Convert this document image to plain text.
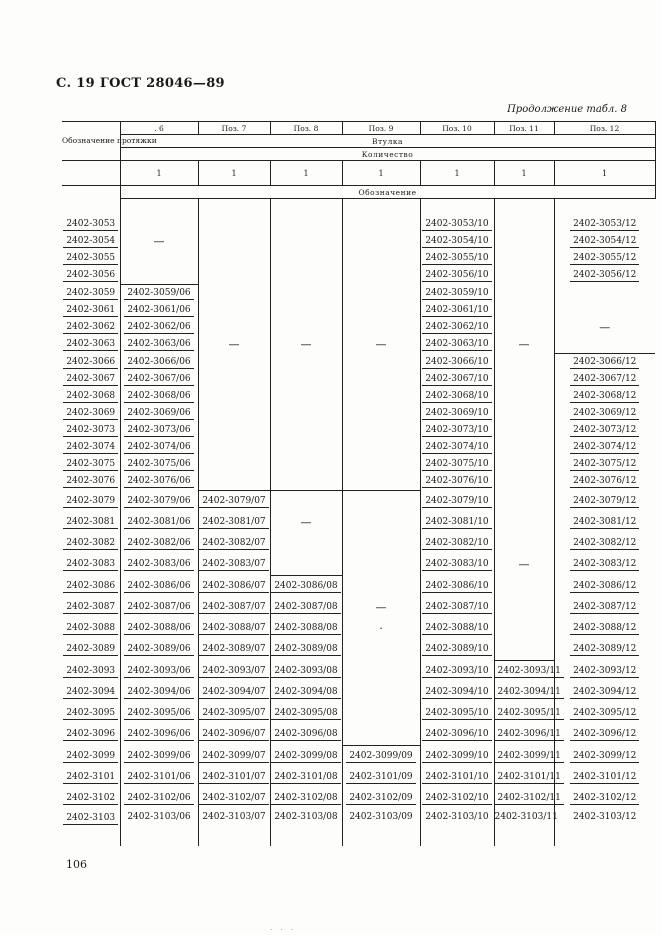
С. 19 ГОСТ 28046—89
Продолжение табл. 8
Обозначение протяжки	. 6	Поз. 7	Поз. 8	Поз. 9	Поз. 10	Поз. 11	Поз. 12
	Втулка						
	Количество						
	1	1	1	1	1	1	1
	Обозначение						

2402-3053					2402-3053/10		2402-3053/12
2402-3054	—				2402-3054/10		2402-3054/12
2402-3055					2402-3055/10		2402-3055/12
2402-3056					2402-3056/10		2402-3056/12
2402-3059	2402-3059/06				2402-3059/10		
2402-3061	2402-3061/06				2402-3061/10		
2402-3062	2402-3062/06				2402-3062/10		—
2402-3063	2402-3063/06	—	—	—	2402-3063/10	—	
2402-3066	2402-3066/06				2402-3066/10		2402-3066/12
2402-3067	2402-3067/06				2402-3067/10		2402-3067/12
2402-3068	2402-3068/06				2402-3068/10		2402-3068/12
2402-3069	2402-3069/06				2402-3069/10		2402-3069/12
2402-3073	2402-3073/06				2402-3073/10		2402-3073/12
2402-3074	2402-3074/06				2402-3074/10		2402-3074/12
2402-3075	2402-3075/06				2402-3075/10		2402-3075/12
2402-3076	2402-3076/06				2402-3076/10		2402-3076/12
2402-3079	2402-3079/06	2402-3079/07			2402-3079/10		2402-3079/12
2402-3081	2402-3081/06	2402-3081/07	—		2402-3081/10		2402-3081/12
2402-3082	2402-3082/06	2402-3082/07			2402-3082/10		2402-3082/12
2402-3083	2402-3083/06	2402-3083/07			2402-3083/10	—	2402-3083/12
2402-3086	2402-3086/06	2402-3086/07	2402-3086/08		2402-3086/10		2402-3086/12
2402-3087	2402-3087/06	2402-3087/07	2402-3087/08	—	2402-3087/10		2402-3087/12
2402-3088	2402-3088/06	2402-3088/07	2402-3088/08	·	2402-3088/10		2402-3088/12
2402-3089	2402-3089/06	2402-3089/07	2402-3089/08		2402-3089/10		2402-3089/12
2402-3093	2402-3093/06	2402-3093/07	2402-3093/08		2402-3093/10	2402-3093/11	2402-3093/12
2402-3094	2402-3094/06	2402-3094/07	2402-3094/08		2402-3094/10	2402-3094/11	2402-3094/12
2402-3095	2402-3095/06	2402-3095/07	2402-3095/08		2402-3095/10	2402-3095/11	2402-3095/12
2402-3096	2402-3096/06	2402-3096/07	2402-3096/08		2402-3096/10	2402-3096/11	2402-3096/12
2402-3099	2402-3099/06	2402-3099/07	2402-3099/08	2402-3099/09	2402-3099/10	2402-3099/11	2402-3099/12
2402-3101	2402-3101/06	2402-3101/07	2402-3101/08	2402-3101/09	2402-3101/10	2402-3101/11	2402-3101/12
2402-3102	2402-3102/06	2402-3102/07	2402-3102/08	2402-3102/09	2402-3102/10	2402-3102/11	2402-3102/12
2402-3103	2402-3103/06	2402-3103/07	2402-3103/08	2402-3103/09	2402-3103/10	2402-3103/11	2402-3103/12
106
· · ·
